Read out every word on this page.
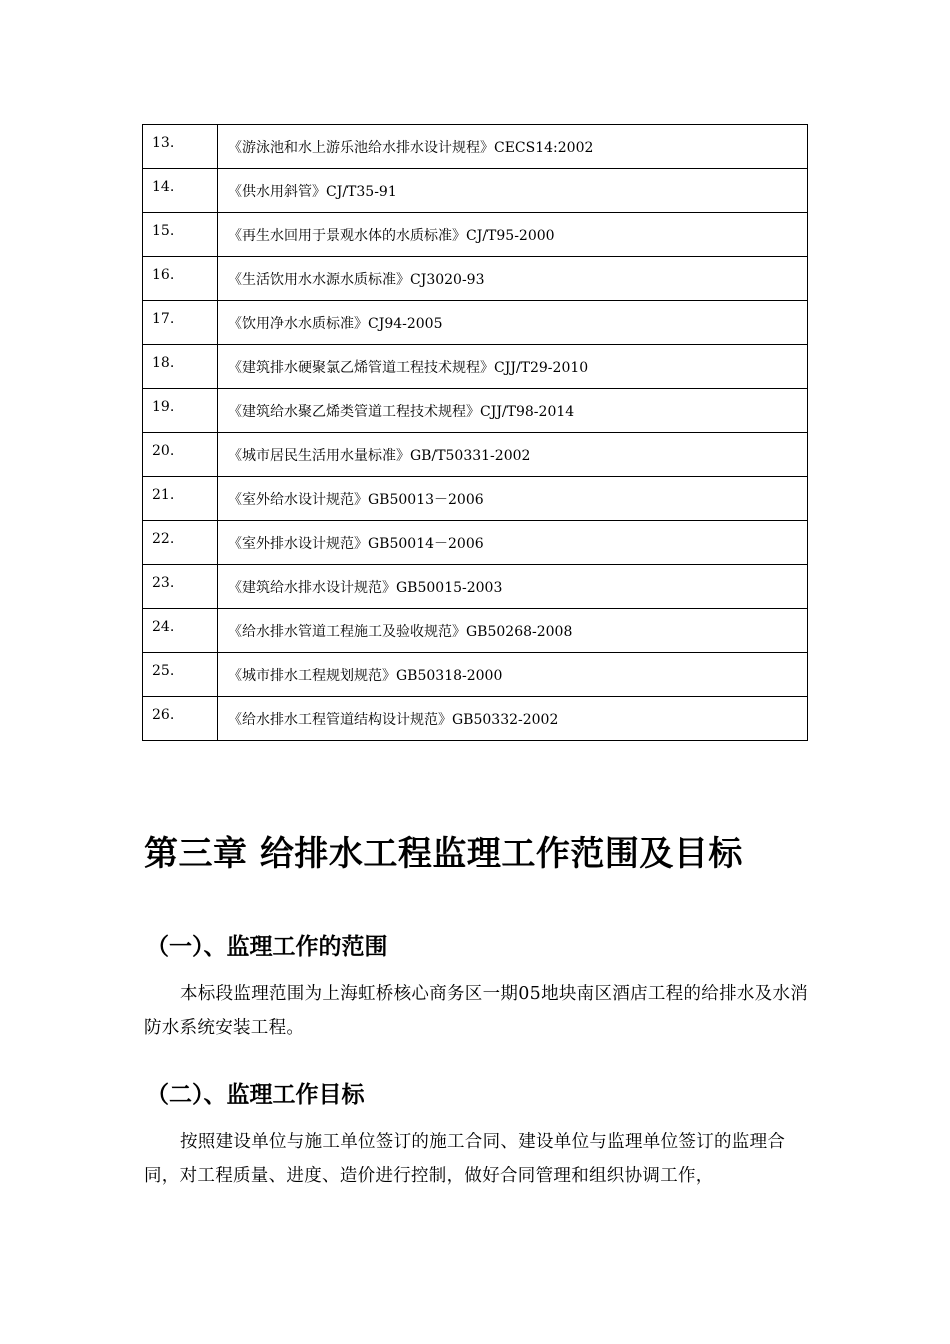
13.	《游泳池和水上游乐池给水排水设计规程》CECS14:2002
14.	《供水用斜管》CJ/T35-91
15.	《再生水回用于景观水体的水质标准》CJ/T95-2000
16.	《生活饮用水水源水质标准》CJ3020-93
17.	《饮用净水水质标准》CJ94-2005
18.	《建筑排水硬聚氯乙烯管道工程技术规程》CJJ/T29-2010
19.	《建筑给水聚乙烯类管道工程技术规程》CJJ/T98-2014
20.	《城市居民生活用水量标准》GB/T50331-2002
21.	《室外给水设计规范》GB50013－2006
22.	《室外排水设计规范》GB50014－2006
23.	《建筑给水排水设计规范》GB50015-2003
24.	《给水排水管道工程施工及验收规范》GB50268-2008
25.	《城市排水工程规划规范》GB50318-2000
26.	《给水排水工程管道结构设计规范》GB50332-2002
第三章 给排水工程监理工作范围及目标
（一）、监理工作的范围

本标段监理范围为上海虹桥核心商务区一期05地块南区酒店工程的给排水及水消防水系统安装工程。

（二）、监理工作目标

按照建设单位与施工单位签订的施工合同、建设单位与监理单位签订的监理合同，对工程质量、进度、造价进行控制，做好合同管理和组织协调工作，
